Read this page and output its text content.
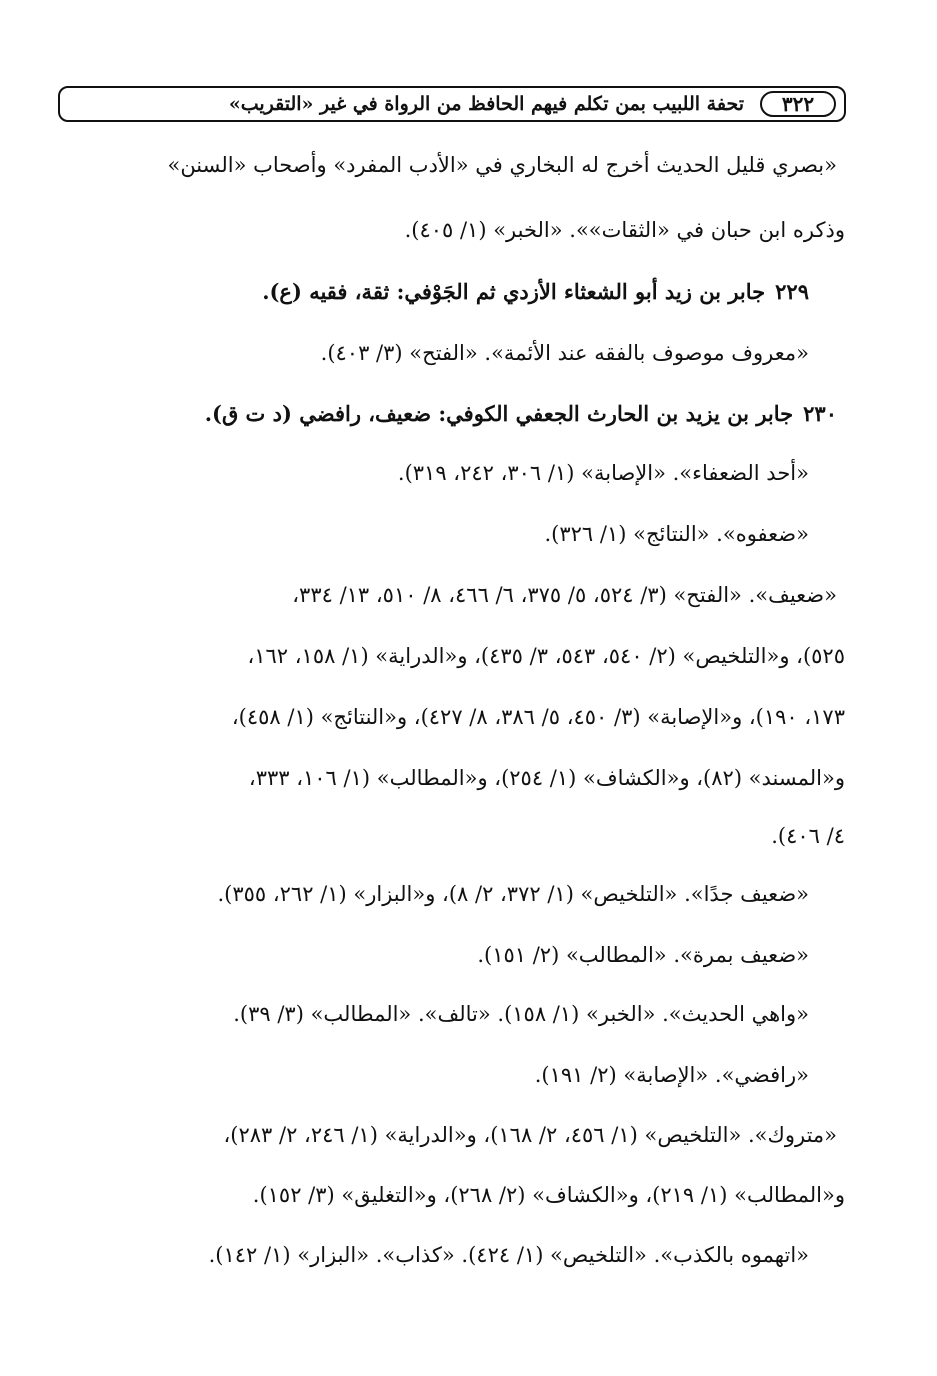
٣٢٢
تحفة اللبيب بمن تكلم فيهم الحافظ من الرواة في غير «التقريب»
«بصري قليل الحديث أخرج له البخاري في «الأدب المفرد» وأصحاب «السنن»
وذكره ابن حبان في «الثقات»». «الخبر» (١/ ٤٠٥).
٢٢٩جابر بن زيد أبو الشعثاء الأزدي ثم الجَوْفي: ثقة، فقيه (ع).
«معروف موصوف بالفقه عند الأئمة». «الفتح» (٣/ ٤٠٣).
٢٣٠جابر بن يزيد بن الحارث الجعفي الكوفي: ضعيف، رافضي (د ت ق).
«أحد الضعفاء». «الإصابة» (١/ ٣٠٦، ٢٤٢، ٣١٩).
«ضعفوه». «النتائج» (١/ ٣٢٦).
«ضعيف». «الفتح» (٣/ ٥٢٤، ٥/ ٣٧٥، ٦/ ٤٦٦، ٨/ ٥١٠، ١٣/ ٣٣٤،
٥٢٥)، و«التلخيص» (٢/ ٥٤٠، ٥٤٣، ٣/ ٤٣٥)، و«الدراية» (١/ ١٥٨، ١٦٢،
١٧٣، ١٩٠)، و«الإصابة» (٣/ ٤٥٠، ٥/ ٣٨٦، ٨/ ٤٢٧)، و«النتائج» (١/ ٤٥٨)،
و«المسند» (٨٢)، و«الكشاف» (١/ ٢٥٤)، و«المطالب» (١/ ١٠٦، ٣٣٣،
٤/ ٤٠٦).
«ضعيف جدًا». «التلخيص» (١/ ٣٧٢، ٢/ ٨)، و«البزار» (١/ ٢٦٢، ٣٥٥).
«ضعيف بمرة». «المطالب» (٢/ ١٥١).
«واهي الحديث». «الخبر» (١/ ١٥٨). «تالف». «المطالب» (٣/ ٣٩).
«رافضي». «الإصابة» (٢/ ١٩١).
«متروك». «التلخيص» (١/ ٤٥٦، ٢/ ١٦٨)، و«الدراية» (١/ ٢٤٦، ٢/ ٢٨٣)،
و«المطالب» (١/ ٢١٩)، و«الكشاف» (٢/ ٢٦٨)، و«التغليق» (٣/ ١٥٢).
«اتهموه بالكذب». «التلخيص» (١/ ٤٢٤). «كذاب». «البزار» (١/ ١٤٢).
